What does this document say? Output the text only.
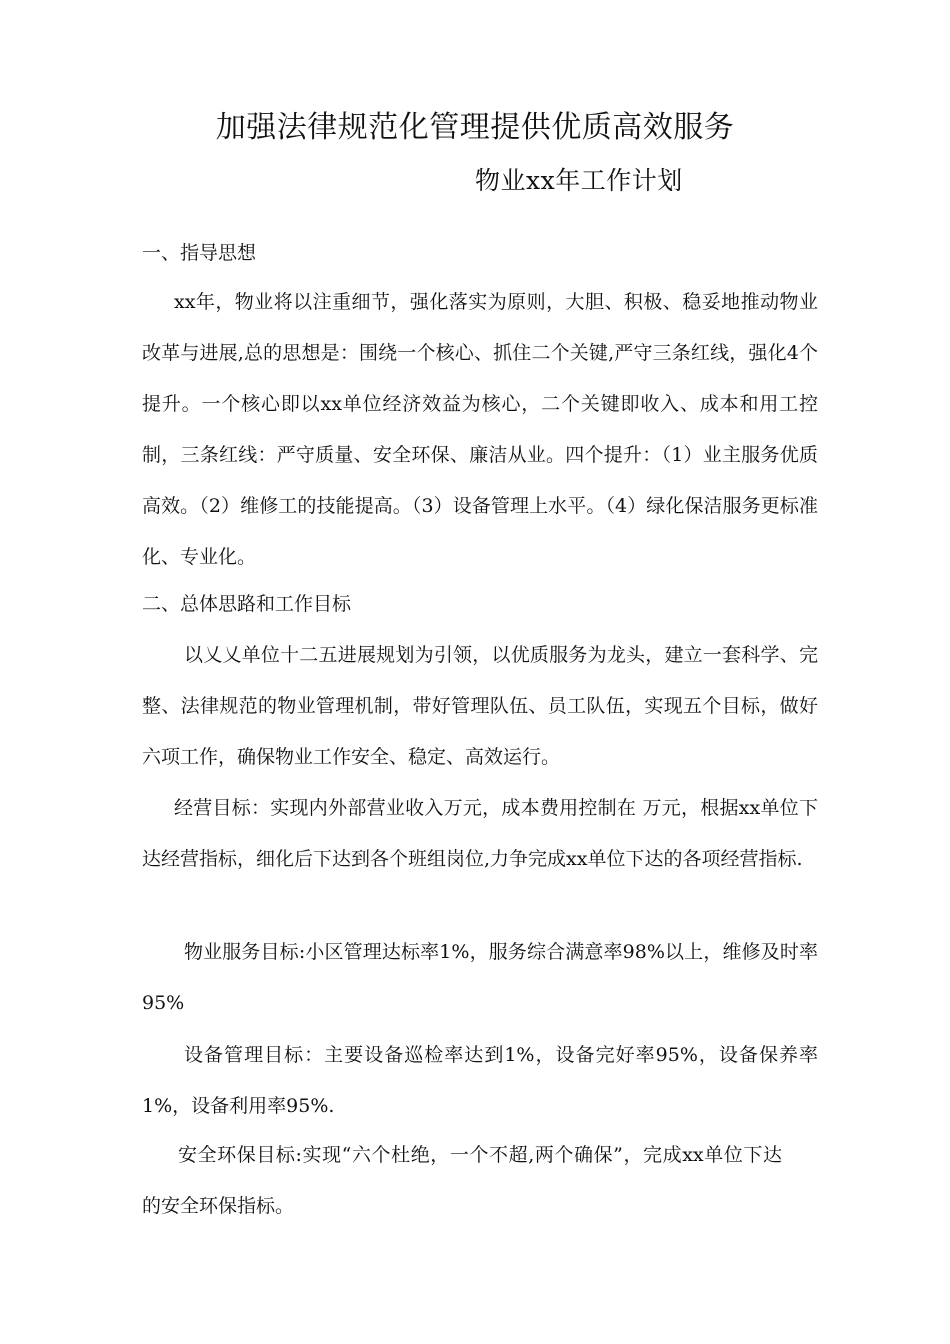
加强法律规范化管理提供优质高效服务
物业xx年工作计划
一、指导思想

xx年，物业将以注重细节，强化落实为原则，大胆、积极、稳妥地推动物业改革与进展,总的思想是：围绕一个核心、抓住二个关键,严守三条红线，强化4个提升。一个核心即以xx单位经济效益为核心，二个关键即收入、成本和用工控制，三条红线：严守质量、安全环保、廉洁从业。四个提升：（1）业主服务优质高效。（2）维修工的技能提高。（3）设备管理上水平。（4）绿化保洁服务更标准化、专业化。

二、总体思路和工作目标

以乂乂单位十二五进展规划为引领，以优质服务为龙头，建立一套科学、完整、法律规范的物业管理机制，带好管理队伍、员工队伍，实现五个目标，做好六项工作，确保物业工作安全、稳定、高效运行。

经营目标：实现内外部营业收入万元，成本费用控制在 万元，根据xx单位下达经营指标，细化后下达到各个班组岗位,力争完成xx单位下达的各项经营指标.

物业服务目标:小区管理达标率1%，服务综合满意率98%以上，维修及时率95%

设备管理目标：主要设备巡检率达到1%，设备完好率95%，设备保养率1%，设备利用率95%.

安全环保目标:实现“六个杜绝，一个不超,两个确保”，完成xx单位下达的安全环保指标。
